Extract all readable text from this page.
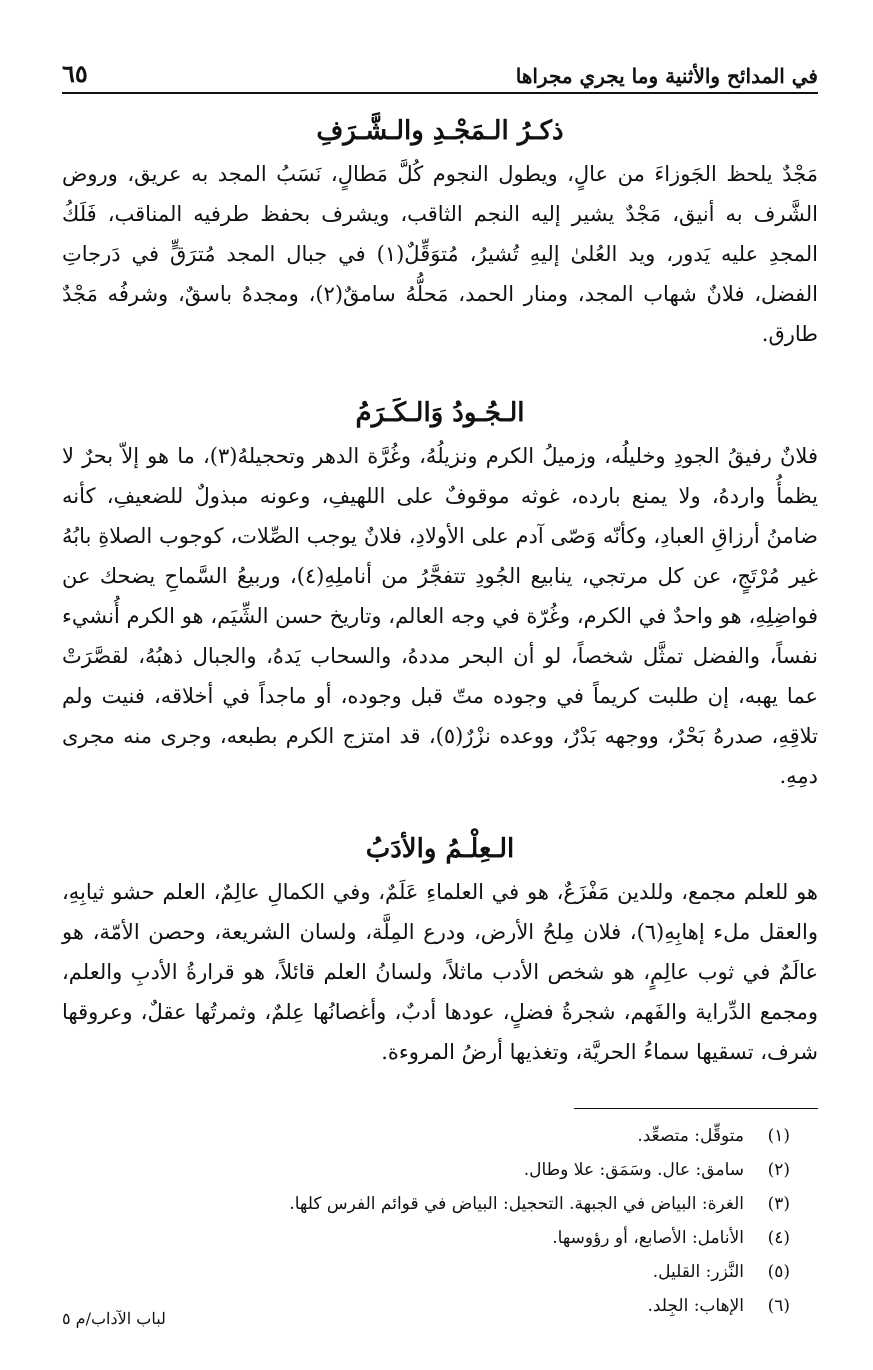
في المدائح والأثنية وما يجري مجراها
٦٥
ذكـرُ الـمَجْـدِ والـشَّـرَفِ

مَجْدٌ يلحظ الجَوزاءَ من عالٍ، ويطول النجوم كُلَّ مَطالٍ، نَسَبُ المجد به عريق، وروض الشَّرف به أنيق، مَجْدٌ يشير إليه النجم الثاقب، ويشرف بحفظ طرفيه المناقب، فَلَكُ المجدِ عليه يَدور، ويد العُلىٰ إليهِ تُشيرُ، مُتوَقِّلٌ(١) في جبال المجد مُترَقٍّ في دَرجاتِ الفضل، فلانٌ شهاب المجد، ومنار الحمد، مَحلُّهُ سامقٌ(٢)، ومجدهُ باسقٌ، وشرفُه مَجْدٌ طارق.

الـجُـودُ وَالـكَـرَمُ

فلانٌ رفيقُ الجودِ وخليلُه، وزميلُ الكرم ونزيلُهُ، وغُرَّة الدهر وتحجيلهُ(٣)، ما هو إلاّ بحرٌ لا يظمأُ واردهُ، ولا يمنع بارده، غوثه موقوفٌ على اللهيفِ، وعونه مبذولٌ للضعيفِ، كأنه ضامنُ أرزاقِ العبادِ، وكأنّه وَصّى آدم على الأولادِ، فلانٌ يوجب الصِّلات، كوجوب الصلاةِ بابُهُ غير مُرْتَجٍ، عن كل مرتجي، ينابيع الجُودِ تتفجَّرُ من أناملِهِ(٤)، وربيعُ السَّماحِ يضحك عن فواضِلِهِ، هو واحدٌ في الكرم، وغُرّة في وجه العالم، وتاريخ حسن الشِّيَم، هو الكرم أُنشيء نفساً، والفضل تمثَّل شخصاً، لو أن البحر مددهُ، والسحاب يَدهُ، والجبال ذهبُهُ، لقصَّرَتْ عما يهبه، إن طلبت كريماً في وجوده متّ قبل وجوده، أو ماجداً في أخلاقه، فنيت ولم تلاقِهِ، صدرهُ بَحْرٌ، ووجهه بَدْرٌ، ووعده نزْرٌ(٥)، قد امتزج الكرم بطبعه، وجرى منه مجرى دمِهِ.

الـعِلْـمُ والأدَبُ

هو للعلم مجمع، وللدين مَفْزَعٌ، هو في العلماءِ عَلَمٌ، وفي الكمالِ عالِمٌ، العلم حشو ثيابِهِ، والعقل ملء إهابِهِ(٦)، فلان مِلحُ الأرض، ودرع المِلَّة، ولسان الشريعة، وحصن الأمّة، هو عالَمٌ في ثوب عالِمٍ، هو شخص الأدب ماثلاً، ولسانُ العلم قائلاً، هو قرارةُ الأدبِ والعلم، ومجمع الدِّراية والفَهم، شجرةُ فضلٍ، عودها أدبٌ، وأغصانُها عِلمٌ، وثمرتُها عقلٌ، وعروقها شرف، تسقيها سماءُ الحريَّة، وتغذيها أرضُ المروءة.

(١)
متوقِّل: متصعِّد.
(٢)
سامق: عال. وسَمَق: علا وطال.
(٣)
الغرة: البياض في الجبهة. التحجيل: البياض في قوائم الفرس كلها.
(٤)
الأنامل: الأصابع، أو رؤوسها.
(٥)
النَّزر: القليل.
(٦)
الإهاب: الجِلد.
لباب الآداب/م ٥
